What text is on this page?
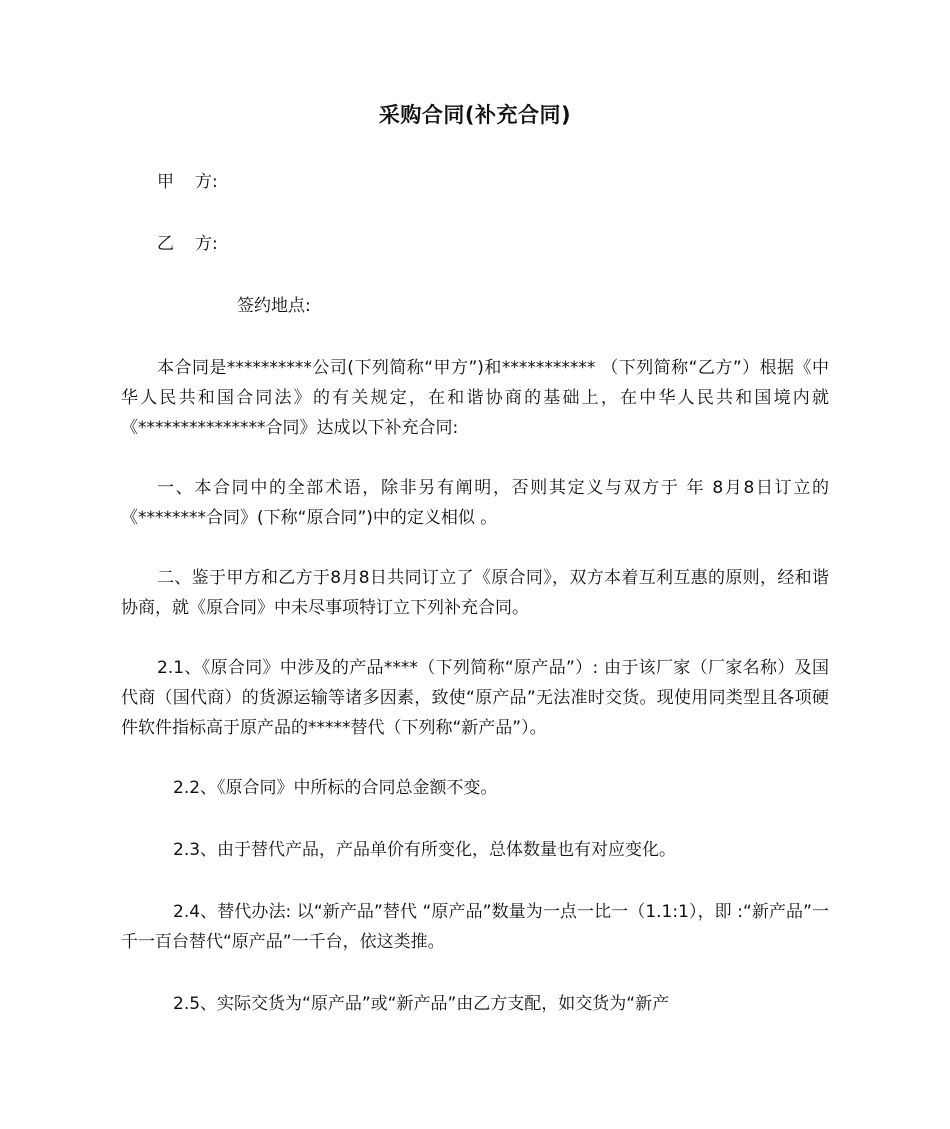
采购合同(补充合同)
甲 方:
乙 方:
签约地点:

本合同是**********公司(下列简称“甲方”)和*********** （下列简称“乙方”）根据《中华人民共和国合同法》的有关规定，在和谐协商的基础上，在中华人民共和国境内就《***************合同》达成以下补充合同:

一、本合同中的全部术语，除非另有阐明，否则其定义与双方于 年 8月8日订立的《********合同》(下称“原合同”)中的定义相似 。

二、鉴于甲方和乙方于8月8日共同订立了《原合同》，双方本着互利互惠的原则，经和谐协商，就《原合同》中未尽事项特订立下列补充合同。

2.1、《原合同》中涉及的产品****（下列简称“原产品”）: 由于该厂家（厂家名称）及国代商（国代商）的货源运输等诸多因素，致使“原产品”无法准时交货。现使用同类型且各项硬件软件指标高于原产品的*****替代（下列称“新产品”）。

2.2、《原合同》中所标的合同总金额不变。

2.3、由于替代产品，产品单价有所变化，总体数量也有对应变化。

2.4、替代办法: 以“新产品”替代 “原产品”数量为一点一比一（1.1:1），即 :“新产品”一千一百台替代“原产品”一千台，依这类推。

2.5、实际交货为“原产品”或“新产品”由乙方支配，如交货为“新产
